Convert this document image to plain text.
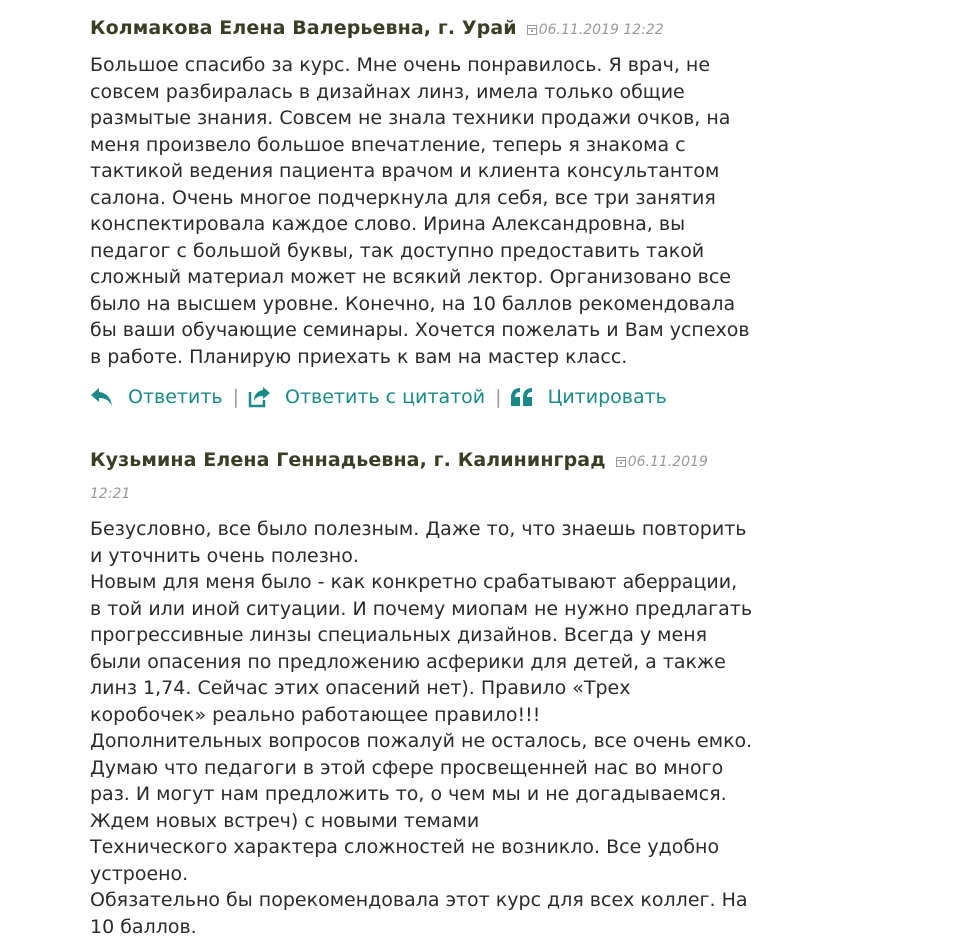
Колмакова Елена Валерьевна, г. Урай 06.11.2019 12:22

Большое спасибо за курс. Мне очень понравилось. Я врач, не

совсем разбиралась в дизайнах линз, имела только общие

размытые знания. Совсем не знала техники продажи очков, на

меня произвело большое впечатление, теперь я знакома с

тактикой ведения пациента врачом и клиента консультантом

салона. Очень многое подчеркнула для себя, все три занятия

конспектировала каждое слово. Ирина Александровна, вы

педагог с большой буквы, так доступно предоставить такой

сложный материал может не всякий лектор. Организовано все

было на высшем уровне. Конечно, на 10 баллов рекомендовала

бы ваши обучающие семинары. Хочется пожелать и Вам успехов

в работе. Планирую приехать к вам на мастер класс.

Ответить | Ответить с цитатой | Цитировать
Кузьмина Елена Геннадьевна, г. Калининград 06.11.2019
12:21

Безусловно, все было полезным. Даже то, что знаешь повторить

и уточнить очень полезно.

Новым для меня было - как конкретно срабатывают аберрации,

в той или иной ситуации. И почему миопам не нужно предлагать

прогрессивные линзы специальных дизайнов. Всегда у меня

были опасения по предложению асферики для детей, а также

линз 1,74. Сейчас этих опасений нет). Правило «Трех

коробочек» реально работающее правило!!!

Дополнительных вопросов пожалуй не осталось, все очень емко.

Думаю что педагоги в этой сфере просвещенней нас во много

раз. И могут нам предложить то, о чем мы и не догадываемся.

Ждем новых встреч) с новыми темами

Технического характера сложностей не возникло. Все удобно

устроено.

Обязательно бы порекомендовала этот курс для всех коллег. На

10 баллов.
